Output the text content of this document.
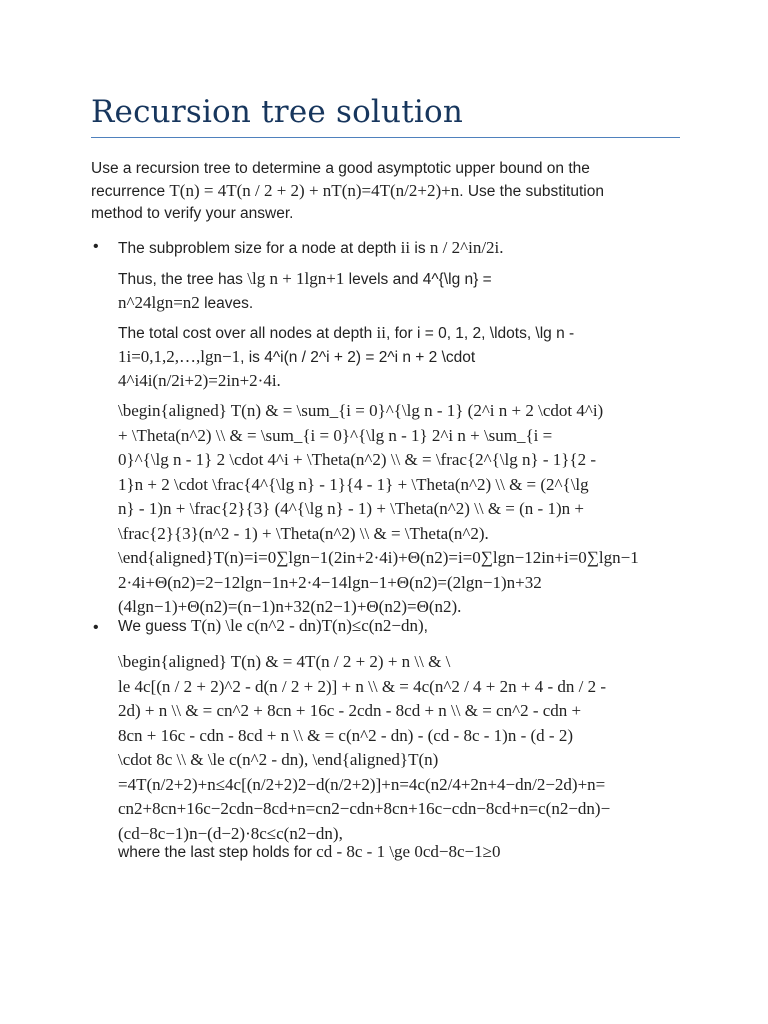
Recursion tree solution
Use a recursion tree to determine a good asymptotic upper bound on the
recurrence T(n) = 4T(n / 2 + 2) + nT(n)=4T(n/2+2)+n. Use the substitution
method to verify your answer.
• The subproblem size for a node at depth ii is n / 2^in/2i.
Thus, the tree has \lg n + 1lgn+1 levels and 4^{\lg n} =
n^24lgn=n2 leaves.
The total cost over all nodes at depth ii, for i = 0, 1, 2, \ldots, \lg n -
1i=0,1,2,…,lgn−1, is 4^i(n / 2^i + 2) = 2^i n + 2 \cdot
4^i4i(n/2i+2)=2in+2·4i.
\begin{aligned} T(n) & = \sum_{i = 0}^{\lg n - 1} (2^i n + 2 \cdot 4^i)
+ \Theta(n^2) \\ & = \sum_{i = 0}^{\lg n - 1} 2^i n + \sum_{i =
0}^{\lg n - 1} 2 \cdot 4^i + \Theta(n^2) \\ & = \frac{2^{\lg n} - 1}{2 -
1}n + 2 \cdot \frac{4^{\lg n} - 1}{4 - 1} + \Theta(n^2) \\ & = (2^{\lg
n} - 1)n + \frac{2}{3} (4^{\lg n} - 1) + \Theta(n^2) \\ & = (n - 1)n +
\frac{2}{3}(n^2 - 1) + \Theta(n^2) \\ & = \Theta(n^2).
\end{aligned}T(n)=i=0∑lgn−1(2in+2·4i)+Θ(n2)=i=0∑lgn−12in+i=0∑lgn−1
2·4i+Θ(n2)=2−12lgn−1n+2·4−14lgn−1+Θ(n2)=(2lgn−1)n+32
(4lgn−1)+Θ(n2)=(n−1)n+32(n2−1)+Θ(n2)=Θ(n2).
• We guess T(n) \le c(n^2 - dn)T(n)≤c(n2−dn),
\begin{aligned} T(n) & = 4T(n / 2 + 2) + n \\ & \
le 4c[(n / 2 + 2)^2 - d(n / 2 + 2)] + n \\ & = 4c(n^2 / 4 + 2n + 4 - dn / 2 -
2d) + n \\ & = cn^2 + 8cn + 16c - 2cdn - 8cd + n \\ & = cn^2 - cdn +
8cn + 16c - cdn - 8cd + n \\ & = c(n^2 - dn) - (cd - 8c - 1)n - (d - 2)
\cdot 8c \\ & \le c(n^2 - dn), \end{aligned}T(n)
=4T(n/2+2)+n≤4c[(n/2+2)2−d(n/2+2)]+n=4c(n2/4+2n+4−dn/2−2d)+n=
cn2+8cn+16c−2cdn−8cd+n=cn2−cdn+8cn+16c−cdn−8cd+n=c(n2−dn)−
(cd−8c−1)n−(d−2)·8c≤c(n2−dn),
where the last step holds for cd - 8c - 1 \ge 0cd−8c−1≥0
